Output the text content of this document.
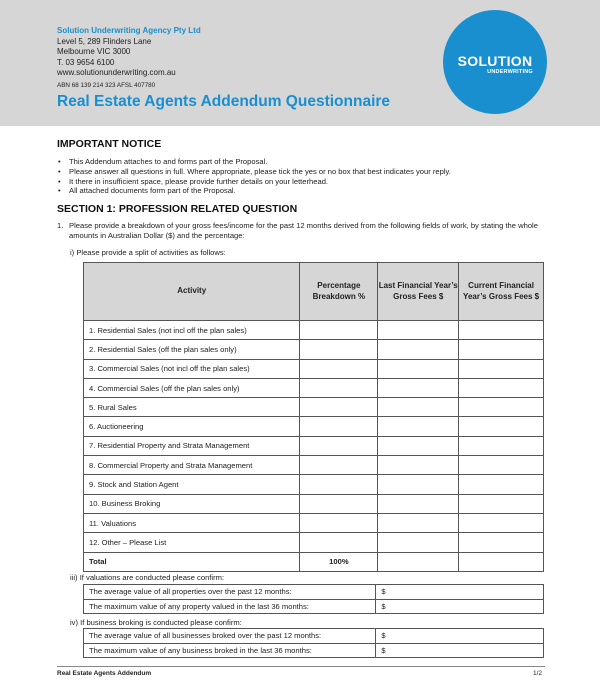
Solution Underwriting Agency Pty Ltd
Level 5, 289 Flinders Lane
Melbourne VIC 3000
T. 03 9654 6100
www.solutionunderwriting.com.au
ABN 68 139 214 323 AFSL 407780
SOLUTION
UNDERWRITING
Real Estate Agents Addendum Questionnaire
IMPORTANT NOTICE
• This Addendum attaches to and forms part of the Proposal.
• Please answer all questions in full. Where appropriate, please tick the yes or no box that best indicates your reply.
• It there in insufficient space, please provide further details on your letterhead.
• All attached documents form part of the Proposal.
SECTION 1: PROFESSION RELATED QUESTION
1. Please provide a breakdown of your gross fees/income for the past 12 months derived from the following fields of work, by stating the whole amounts in Australian Dollar ($) and the percentage:
i) Please provide a split of activities as follows:
Activity	Percentage Breakdown %	Last Financial Year’s Gross Fees $	Current Financial Year’s Gross Fees $
1. Residential Sales (not incl off the plan sales)			
2. Residential Sales (off the plan sales only)			
3. Commercial Sales (not incl off the plan sales)			
4. Commercial Sales (off the plan sales only)			
5. Rural Sales			
6. Auctioneering			
7. Residential Property and Strata Management			
8. Commercial Property and Strata Management			
9. Stock and Station Agent			
10. Business Broking			
11. Valuations			
12. Other – Please List			
Total	100%		
iii) If valuations are conducted please confirm:
The average value of all properties over the past 12 months:	$
The maximum value of any property valued in the last 36 months:	$
iv) If business broking is conducted please confirm:
The average value of all businesses broked over the past 12 months:	$
The maximum value of any business broked in the last 36 months:	$
Real Estate Agents Addendum	1/2
